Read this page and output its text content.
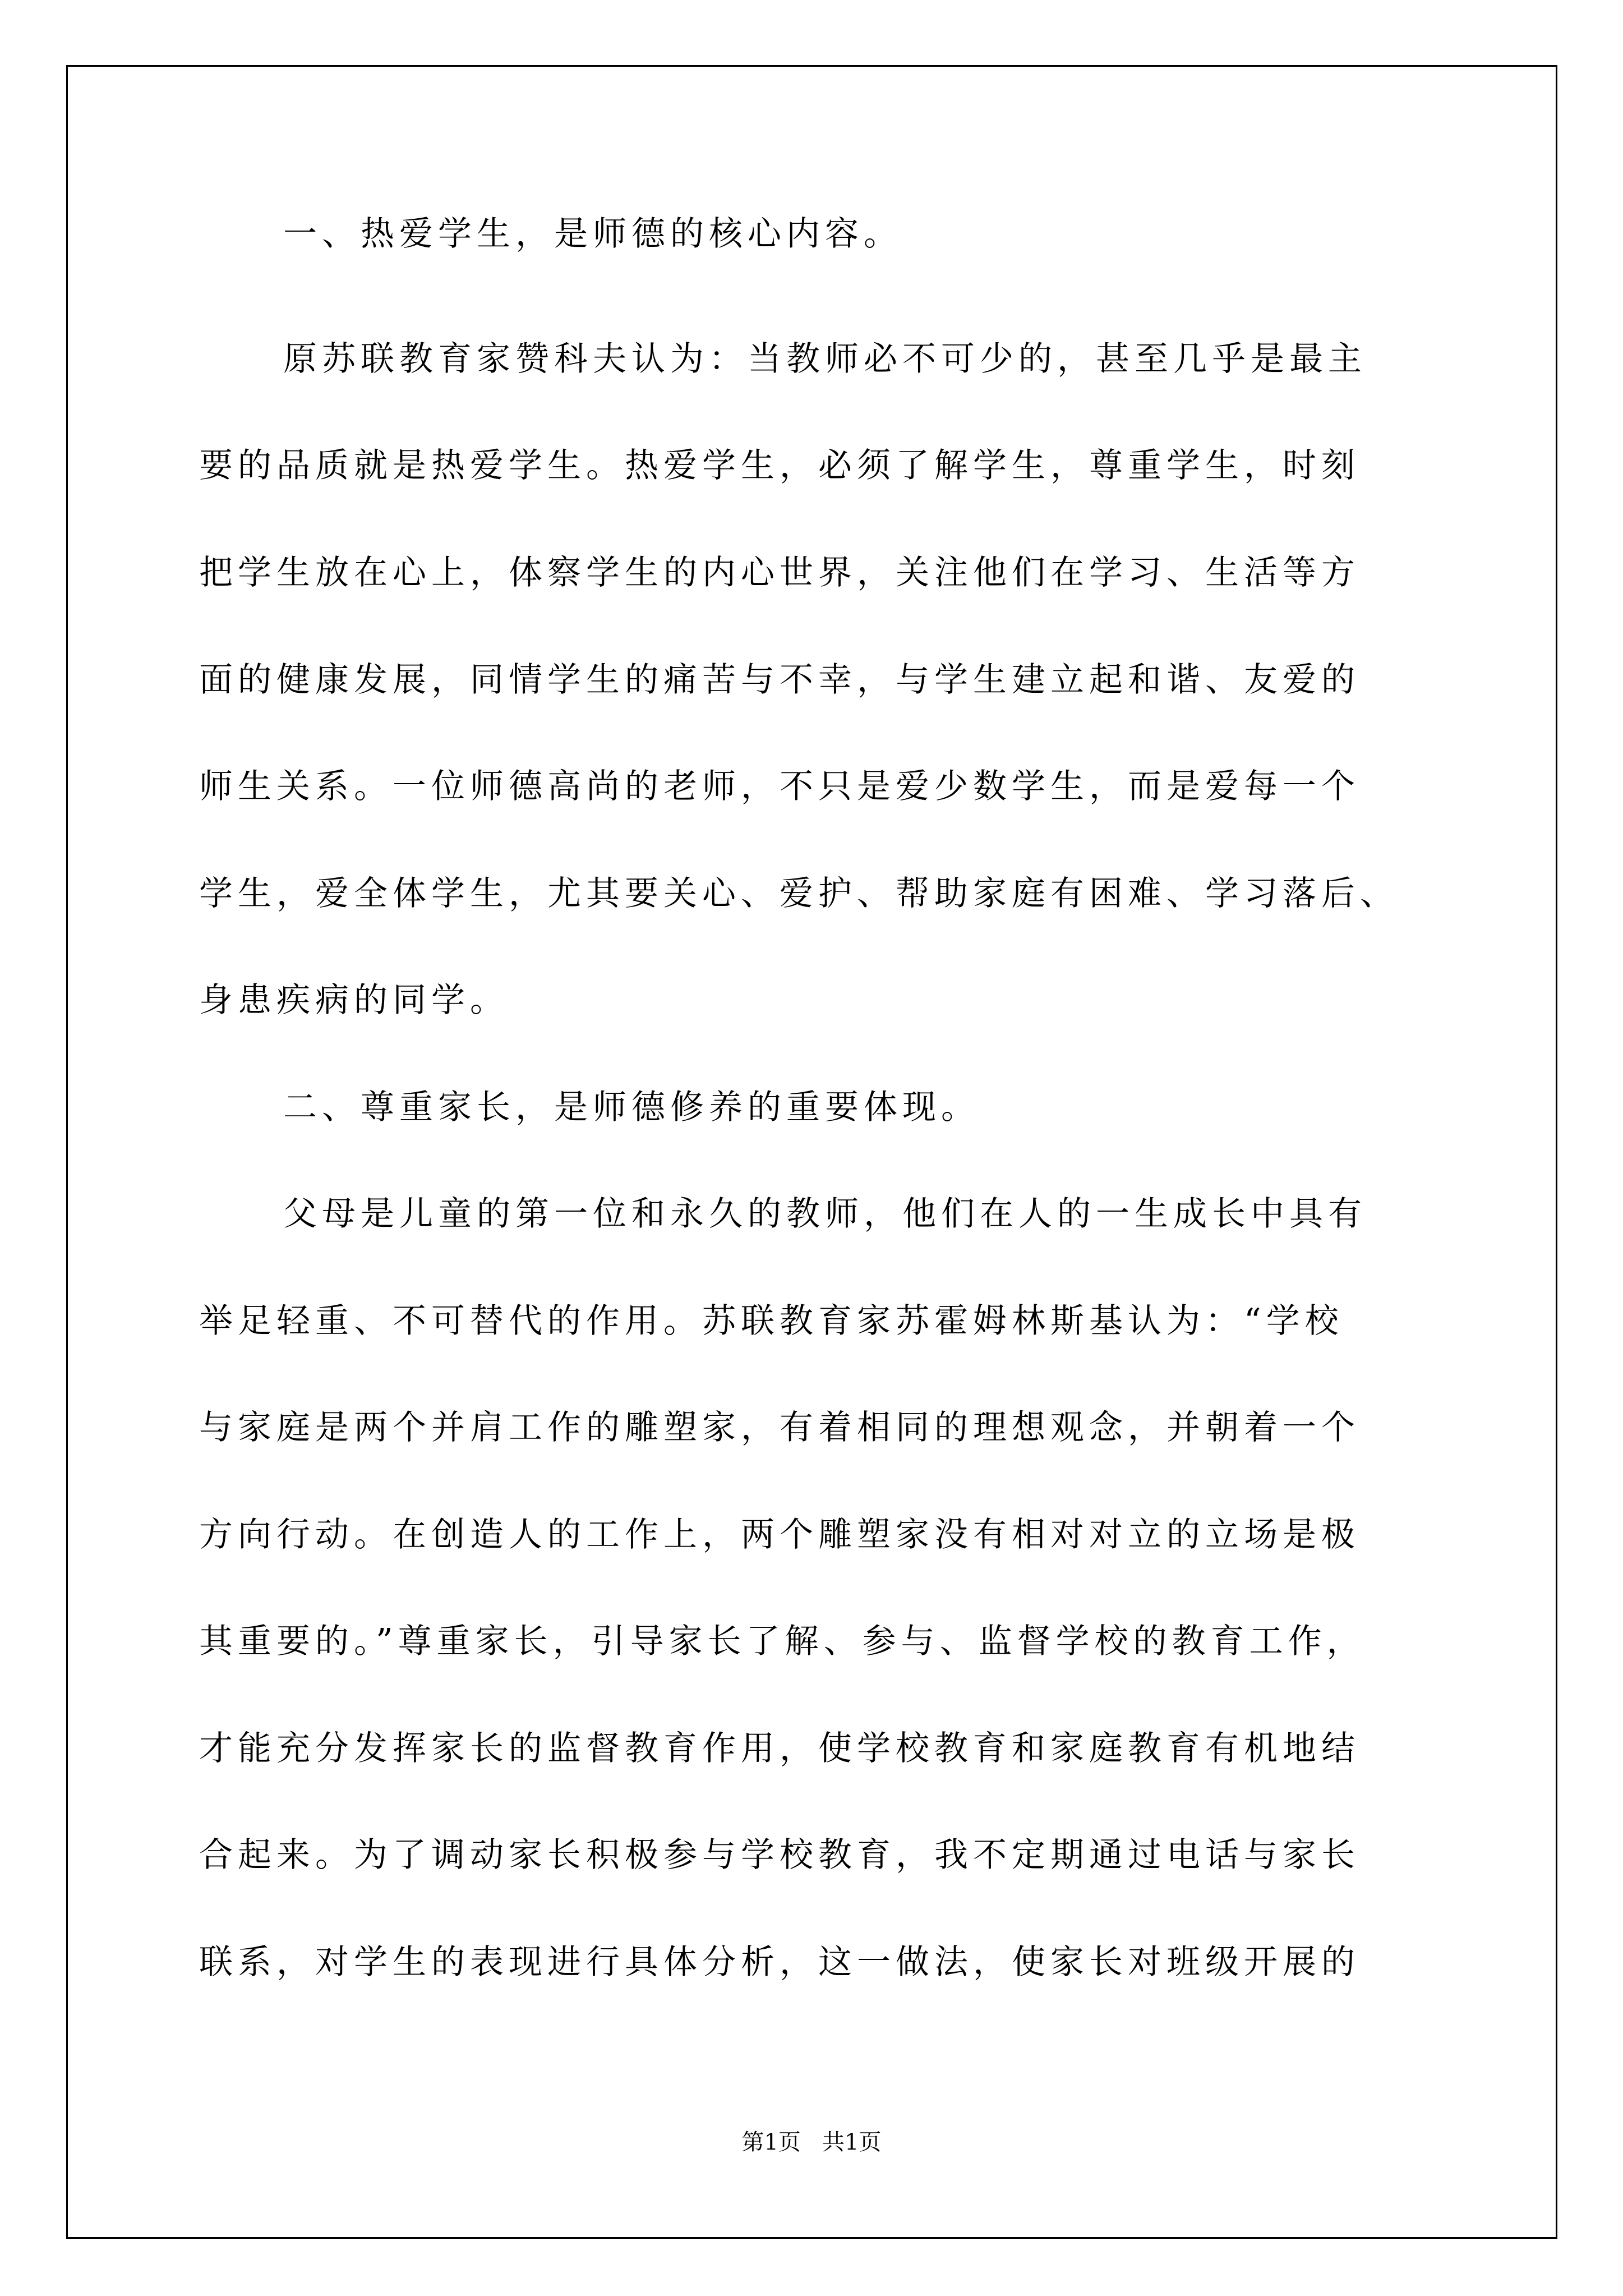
一、热爱学生，是师德的核心内容。

原苏联教育家赞科夫认为：当教师必不可少的，甚至几乎是最主

要的品质就是热爱学生。热爱学生，必须了解学生，尊重学生，时刻

把学生放在心上，体察学生的内心世界，关注他们在学习、生活等方

面的健康发展，同情学生的痛苦与不幸，与学生建立起和谐、友爱的

师生关系。一位师德高尚的老师，不只是爱少数学生，而是爱每一个

学生，爱全体学生，尤其要关心、爱护、帮助家庭有困难、学习落后、

身患疾病的同学。

二、尊重家长，是师德修养的重要体现。

父母是儿童的第一位和永久的教师，他们在人的一生成长中具有

举足轻重、不可替代的作用。苏联教育家苏霍姆林斯基认为：“学校

与家庭是两个并肩工作的雕塑家，有着相同的理想观念，并朝着一个

方向行动。在创造人的工作上，两个雕塑家没有相对对立的立场是极

其重要的。”尊重家长，引导家长了解、参与、监督学校的教育工作，

才能充分发挥家长的监督教育作用，使学校教育和家庭教育有机地结

合起来。为了调动家长积极参与学校教育，我不定期通过电话与家长

联系，对学生的表现进行具体分析，这一做法，使家长对班级开展的

第1页   共1页
